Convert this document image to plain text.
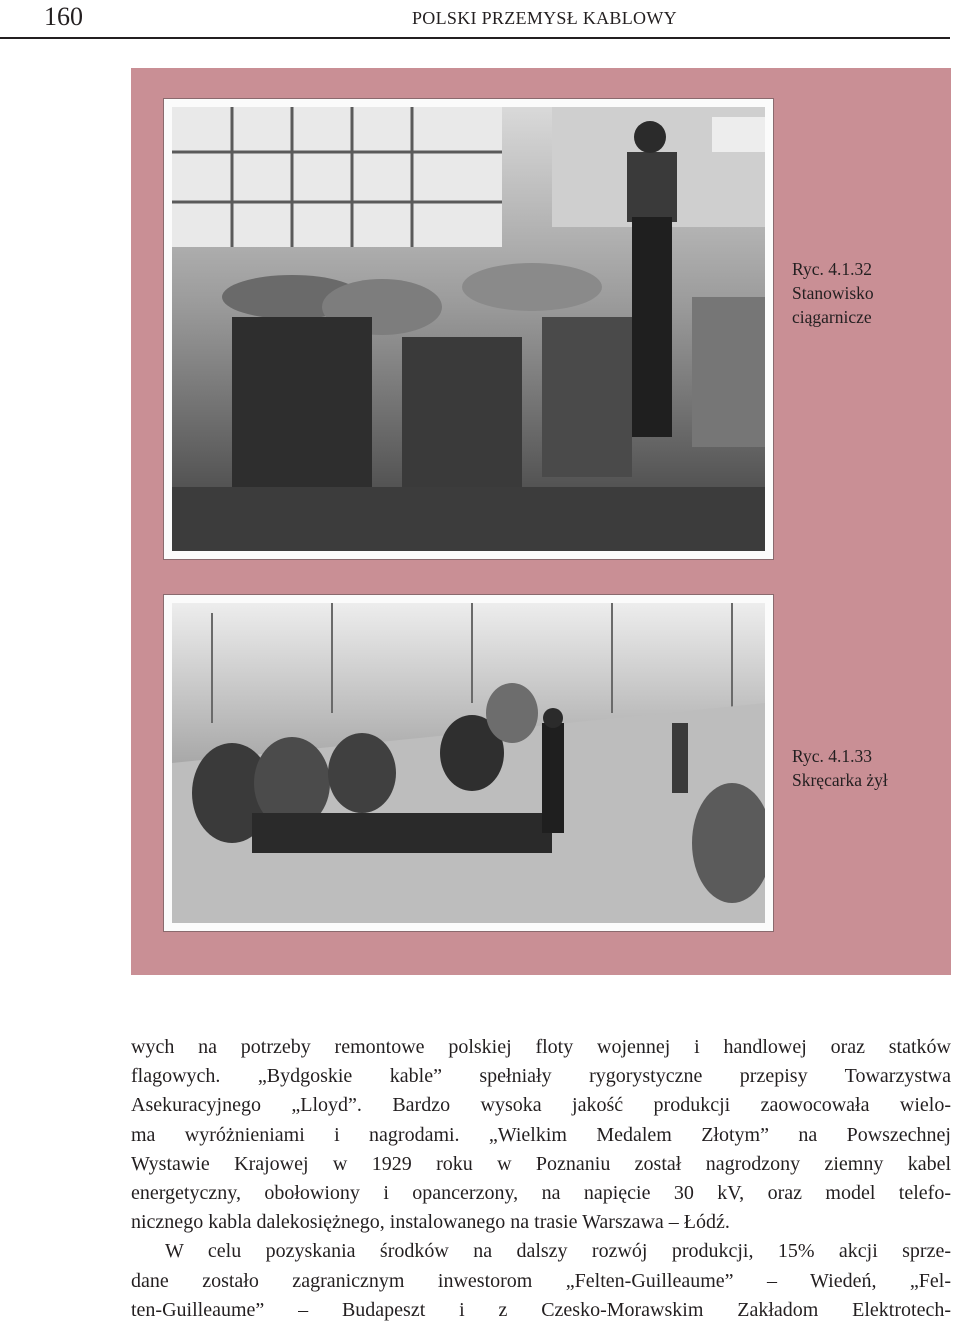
160	POLSKI PRZEMYSŁ KABLOWY
Ryc. 4.1.32
Stanowisko
ciągarnicze
Ryc. 4.1.33
Skręcarka żył

wych na potrzeby remontowe polskiej floty wojennej i handlowej oraz statków
flagowych. „Bydgoskie kable” spełniały rygorystyczne przepisy Towarzystwa
Asekuracyjnego „Lloyd”. Bardzo wysoka jakość produkcji zaowocowała wielo-
ma wyróżnieniami i nagrodami. „Wielkim Medalem Złotym” na Powszechnej
Wystawie Krajowej w 1929 roku w Poznaniu został nagrodzony ziemny kabel
energetyczny, obołowiony i opancerzony, na napięcie 30 kV, oraz model telefo-
nicznego kabla dalekosiężnego, instalowanego na trasie Warszawa – Łódź.

W celu pozyskania środków na dalszy rozwój produkcji, 15% akcji sprze-
dane zostało zagranicznym inwestorom „Felten-Guilleaume” – Wiedeń, „Fel-
ten-Guilleaume” – Budapeszt i z Czesko-Morawskim Zakładom Elektrotech-
